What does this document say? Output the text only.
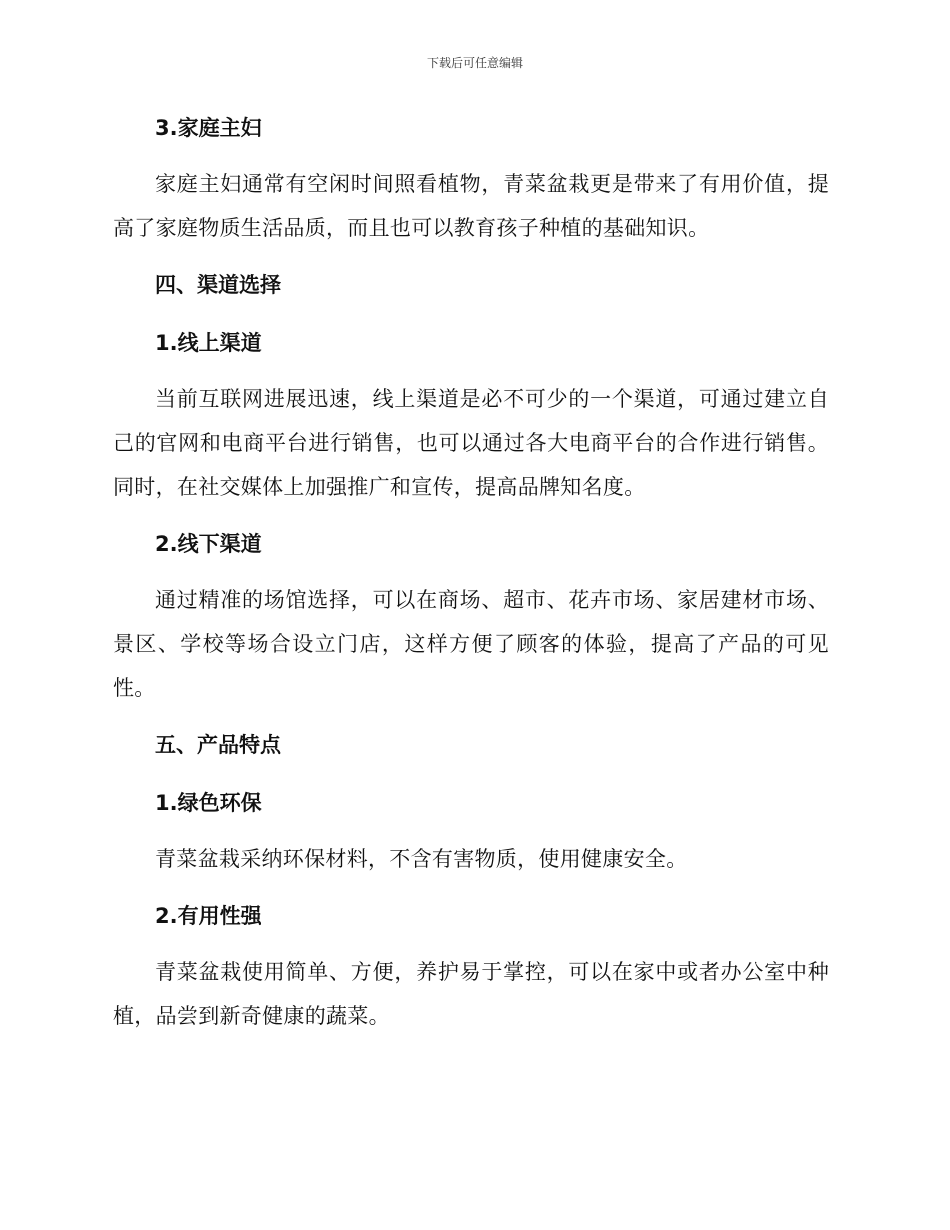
下载后可任意编辑
3.家庭主妇

家庭主妇通常有空闲时间照看植物，青菜盆栽更是带来了有用价值，提高了家庭物质生活品质，而且也可以教育孩子种植的基础知识。

四、渠道选择
1.线上渠道

当前互联网进展迅速，线上渠道是必不可少的一个渠道，可通过建立自己的官网和电商平台进行销售，也可以通过各大电商平台的合作进行销售。同时，在社交媒体上加强推广和宣传，提高品牌知名度。

2.线下渠道

通过精准的场馆选择，可以在商场、超市、花卉市场、家居建材市场、景区、学校等场合设立门店，这样方便了顾客的体验，提高了产品的可见性。

五、产品特点
1.绿色环保

青菜盆栽采纳环保材料，不含有害物质，使用健康安全。

2.有用性强

青菜盆栽使用简单、方便，养护易于掌控，可以在家中或者办公室中种植，品尝到新奇健康的蔬菜。
